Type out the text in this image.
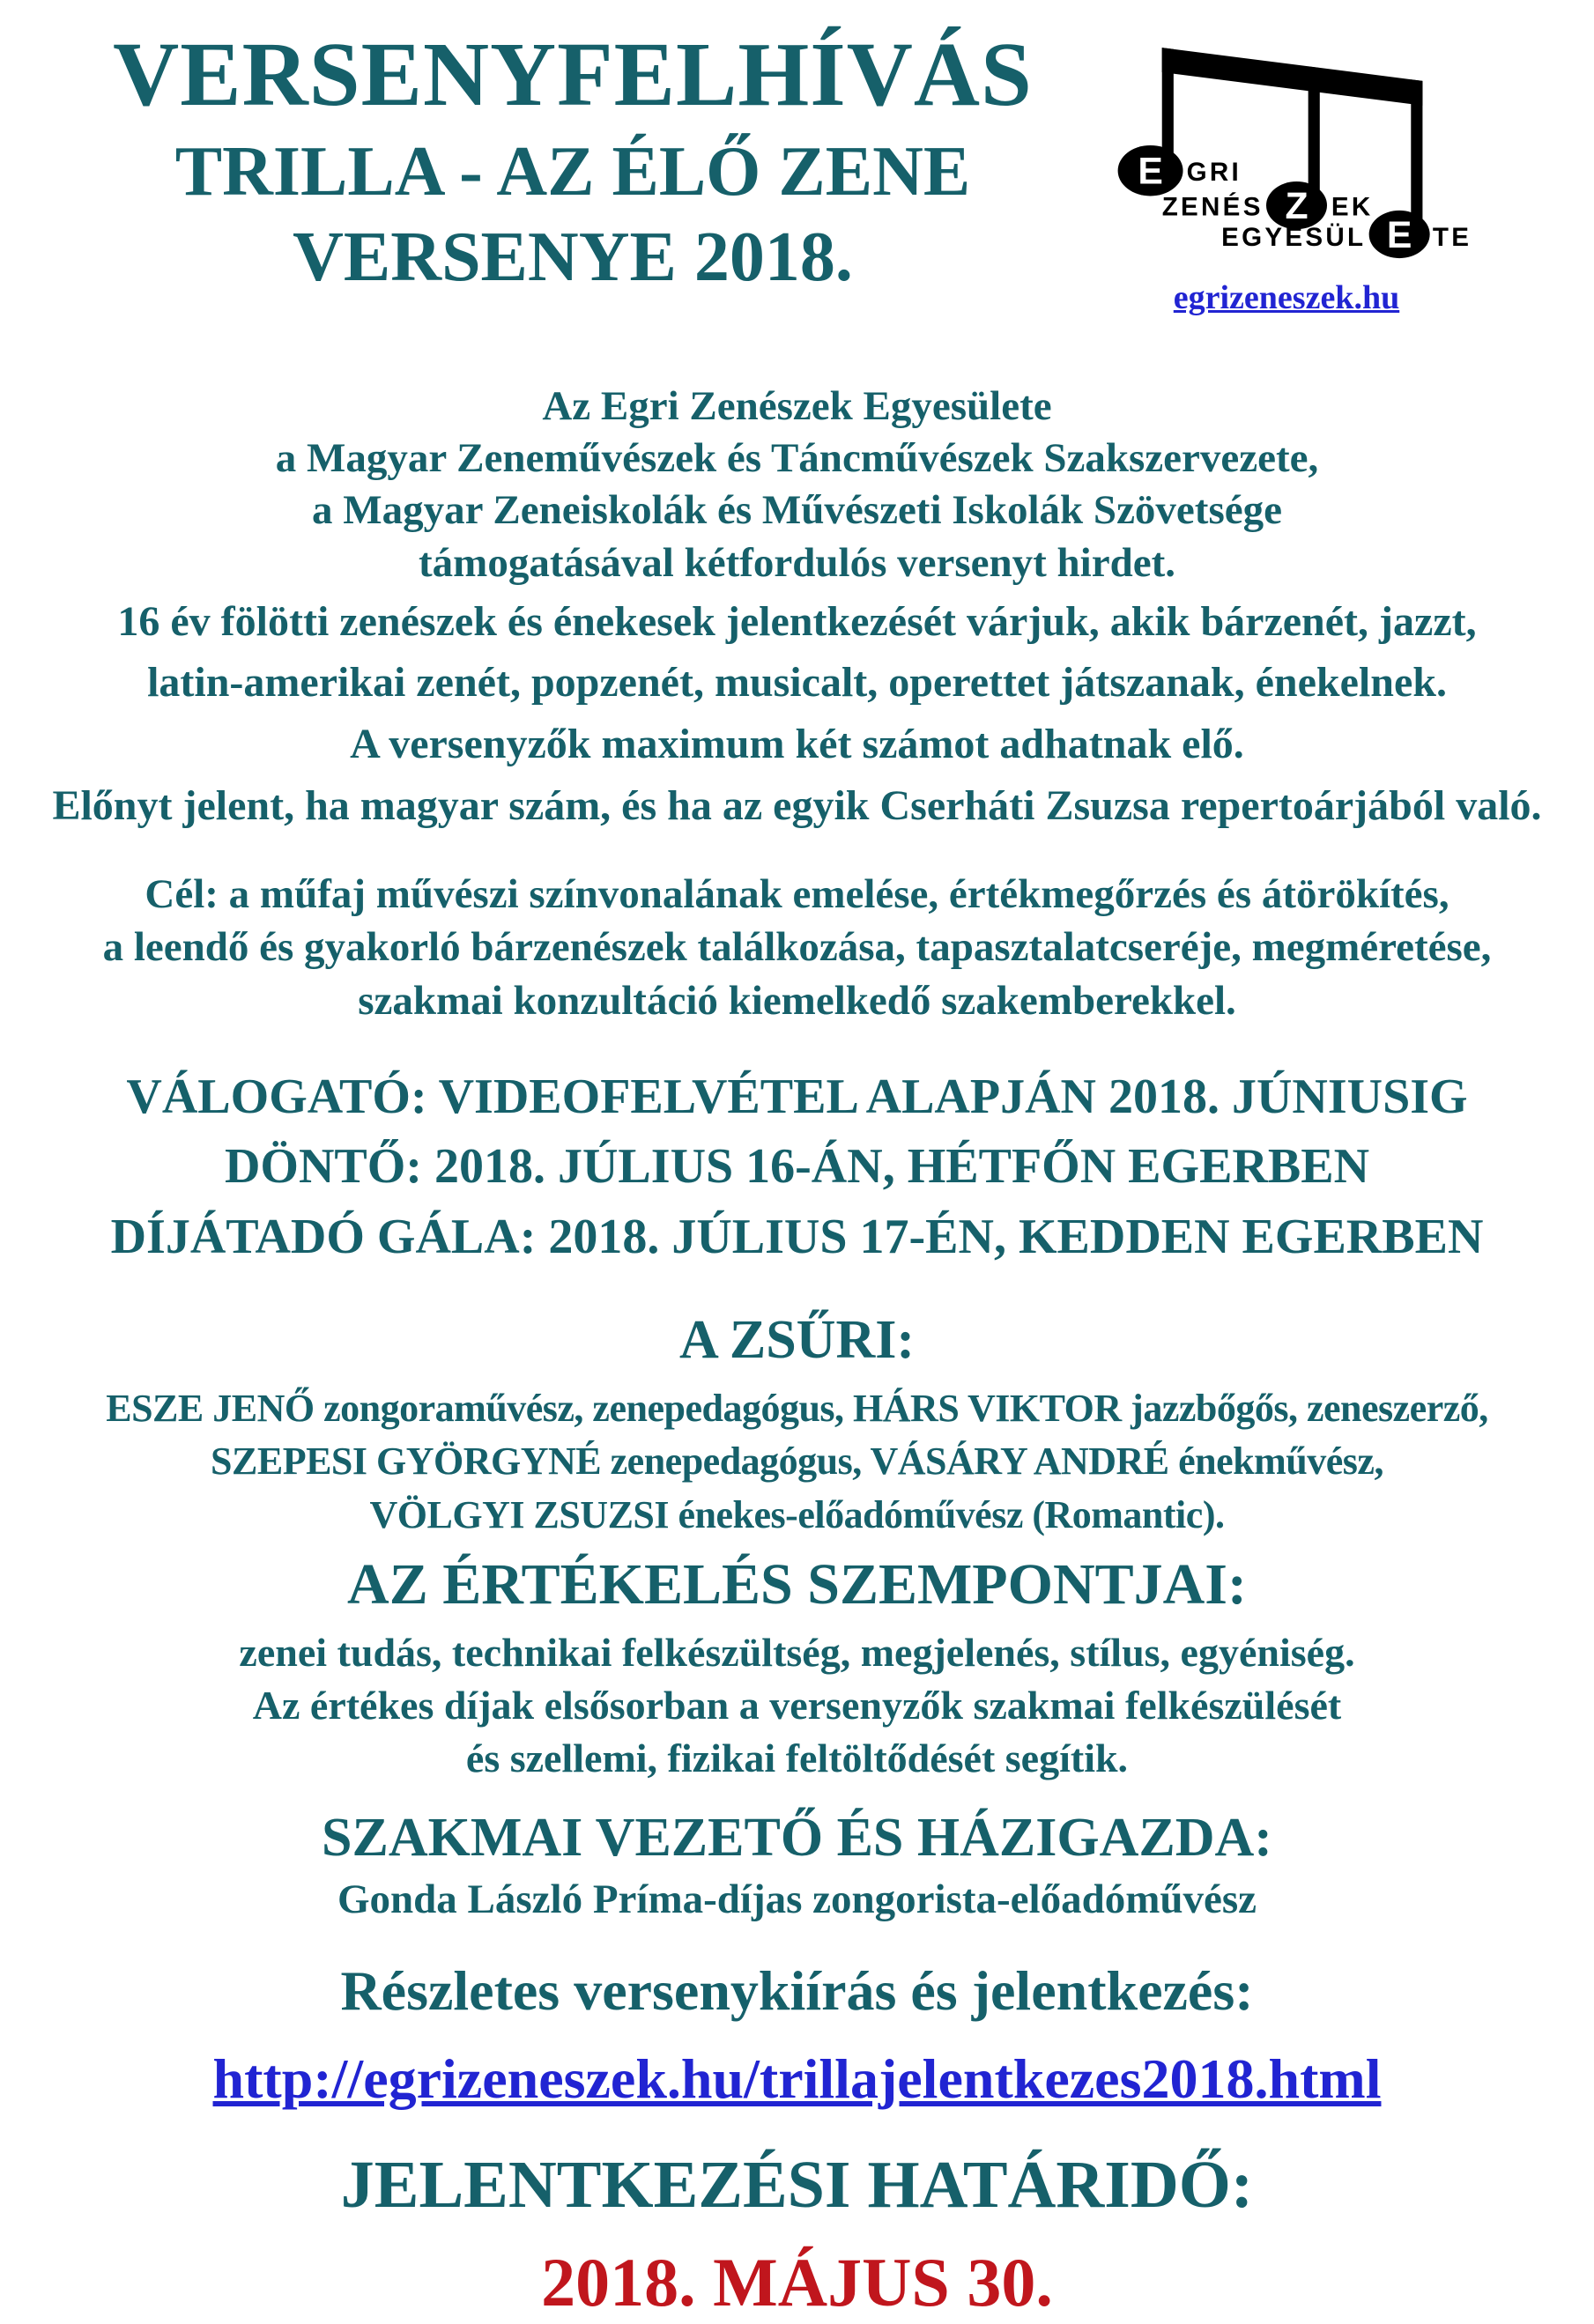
VERSENYFELHÍVÁS
TRILLA - AZ ÉLŐ ZENE
VERSENYE 2018.
E
Z
E
GRI
ZENÉS EK
EGYESÜL TE
egrizeneszek.hu
Az Egri Zenészek Egyesülete
a Magyar Zeneművészek és Táncművészek Szakszervezete,
a Magyar Zeneiskolák és Művészeti Iskolák Szövetsége
támogatásával kétfordulós versenyt hirdet.
16 év fölötti zenészek és énekesek jelentkezését várjuk, akik bárzenét, jazzt,
latin-amerikai zenét, popzenét, musicalt, operettet játszanak, énekelnek.
A versenyzők maximum két számot adhatnak elő.
Előnyt jelent, ha magyar szám, és ha az egyik Cserháti Zsuzsa repertoárjából való.
Cél: a műfaj művészi színvonalának emelése, értékmegőrzés és átörökítés,
a leendő és gyakorló bárzenészek találkozása, tapasztalatcseréje, megméretése,
szakmai konzultáció kiemelkedő szakemberekkel.
VÁLOGATÓ: VIDEOFELVÉTEL ALAPJÁN 2018. JÚNIUSIG
DÖNTŐ: 2018. JÚLIUS 16-ÁN, HÉTFŐN EGERBEN
DÍJÁTADÓ GÁLA: 2018. JÚLIUS 17-ÉN, KEDDEN EGERBEN
A ZSŰRI:
ESZE JENŐ zongoraművész, zenepedagógus, HÁRS VIKTOR jazzbőgős, zeneszerző,
SZEPESI GYÖRGYNÉ zenepedagógus, VÁSÁRY ANDRÉ énekművész,
VÖLGYI ZSUZSI énekes-előadóművész (Romantic).
AZ ÉRTÉKELÉS SZEMPONTJAI:
zenei tudás, technikai felkészültség, megjelenés, stílus, egyéniség.
Az értékes díjak elsősorban a versenyzők szakmai felkészülését
és szellemi, fizikai feltöltődését segítik.
SZAKMAI VEZETŐ ÉS HÁZIGAZDA:
Gonda László Príma-díjas zongorista-előadóművész
Részletes versenykiírás és jelentkezés:
http://egrizeneszek.hu/trillajelentkezes2018.html
JELENTKEZÉSI HATÁRIDŐ:
2018. MÁJUS 30.
